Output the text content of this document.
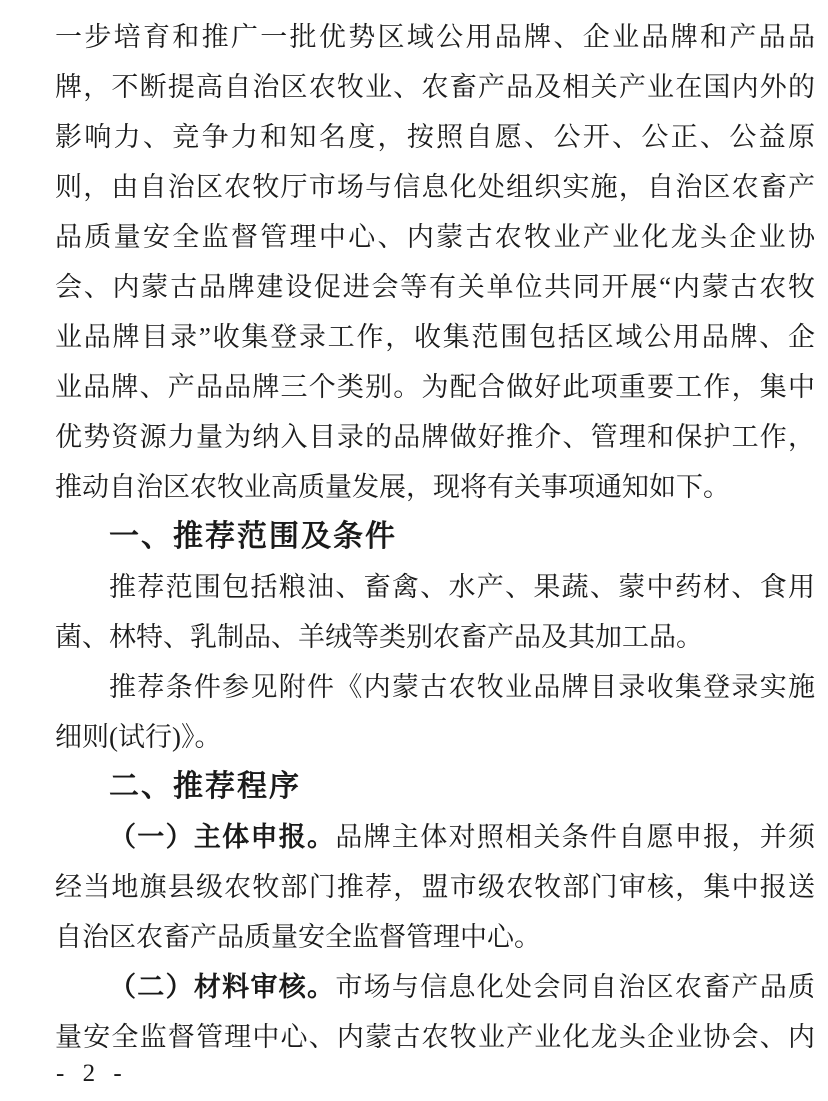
一步培育和推广一批优势区域公用品牌、企业品牌和产品品
牌，不断提高自治区农牧业、农畜产品及相关产业在国内外的
影响力、竞争力和知名度，按照自愿、公开、公正、公益原
则，由自治区农牧厅市场与信息化处组织实施，自治区农畜产
品质量安全监督管理中心、内蒙古农牧业产业化龙头企业协
会、内蒙古品牌建设促进会等有关单位共同开展“内蒙古农牧
业品牌目录”收集登录工作，收集范围包括区域公用品牌、企
业品牌、产品品牌三个类别。为配合做好此项重要工作，集中
优势资源力量为纳入目录的品牌做好推介、管理和保护工作，
推动自治区农牧业高质量发展，现将有关事项通知如下。
一、推荐范围及条件
推荐范围包括粮油、畜禽、水产、果蔬、蒙中药材、食用
菌、林特、乳制品、羊绒等类别农畜产品及其加工品。
推荐条件参见附件《内蒙古农牧业品牌目录收集登录实施
细则(试行)》。
二、推荐程序
（一）主体申报。品牌主体对照相关条件自愿申报，并须
经当地旗县级农牧部门推荐，盟市级农牧部门审核，集中报送
自治区农畜产品质量安全监督管理中心。
（二）材料审核。市场与信息化处会同自治区农畜产品质
量安全监督管理中心、内蒙古农牧业产业化龙头企业协会、内
- 2 -
